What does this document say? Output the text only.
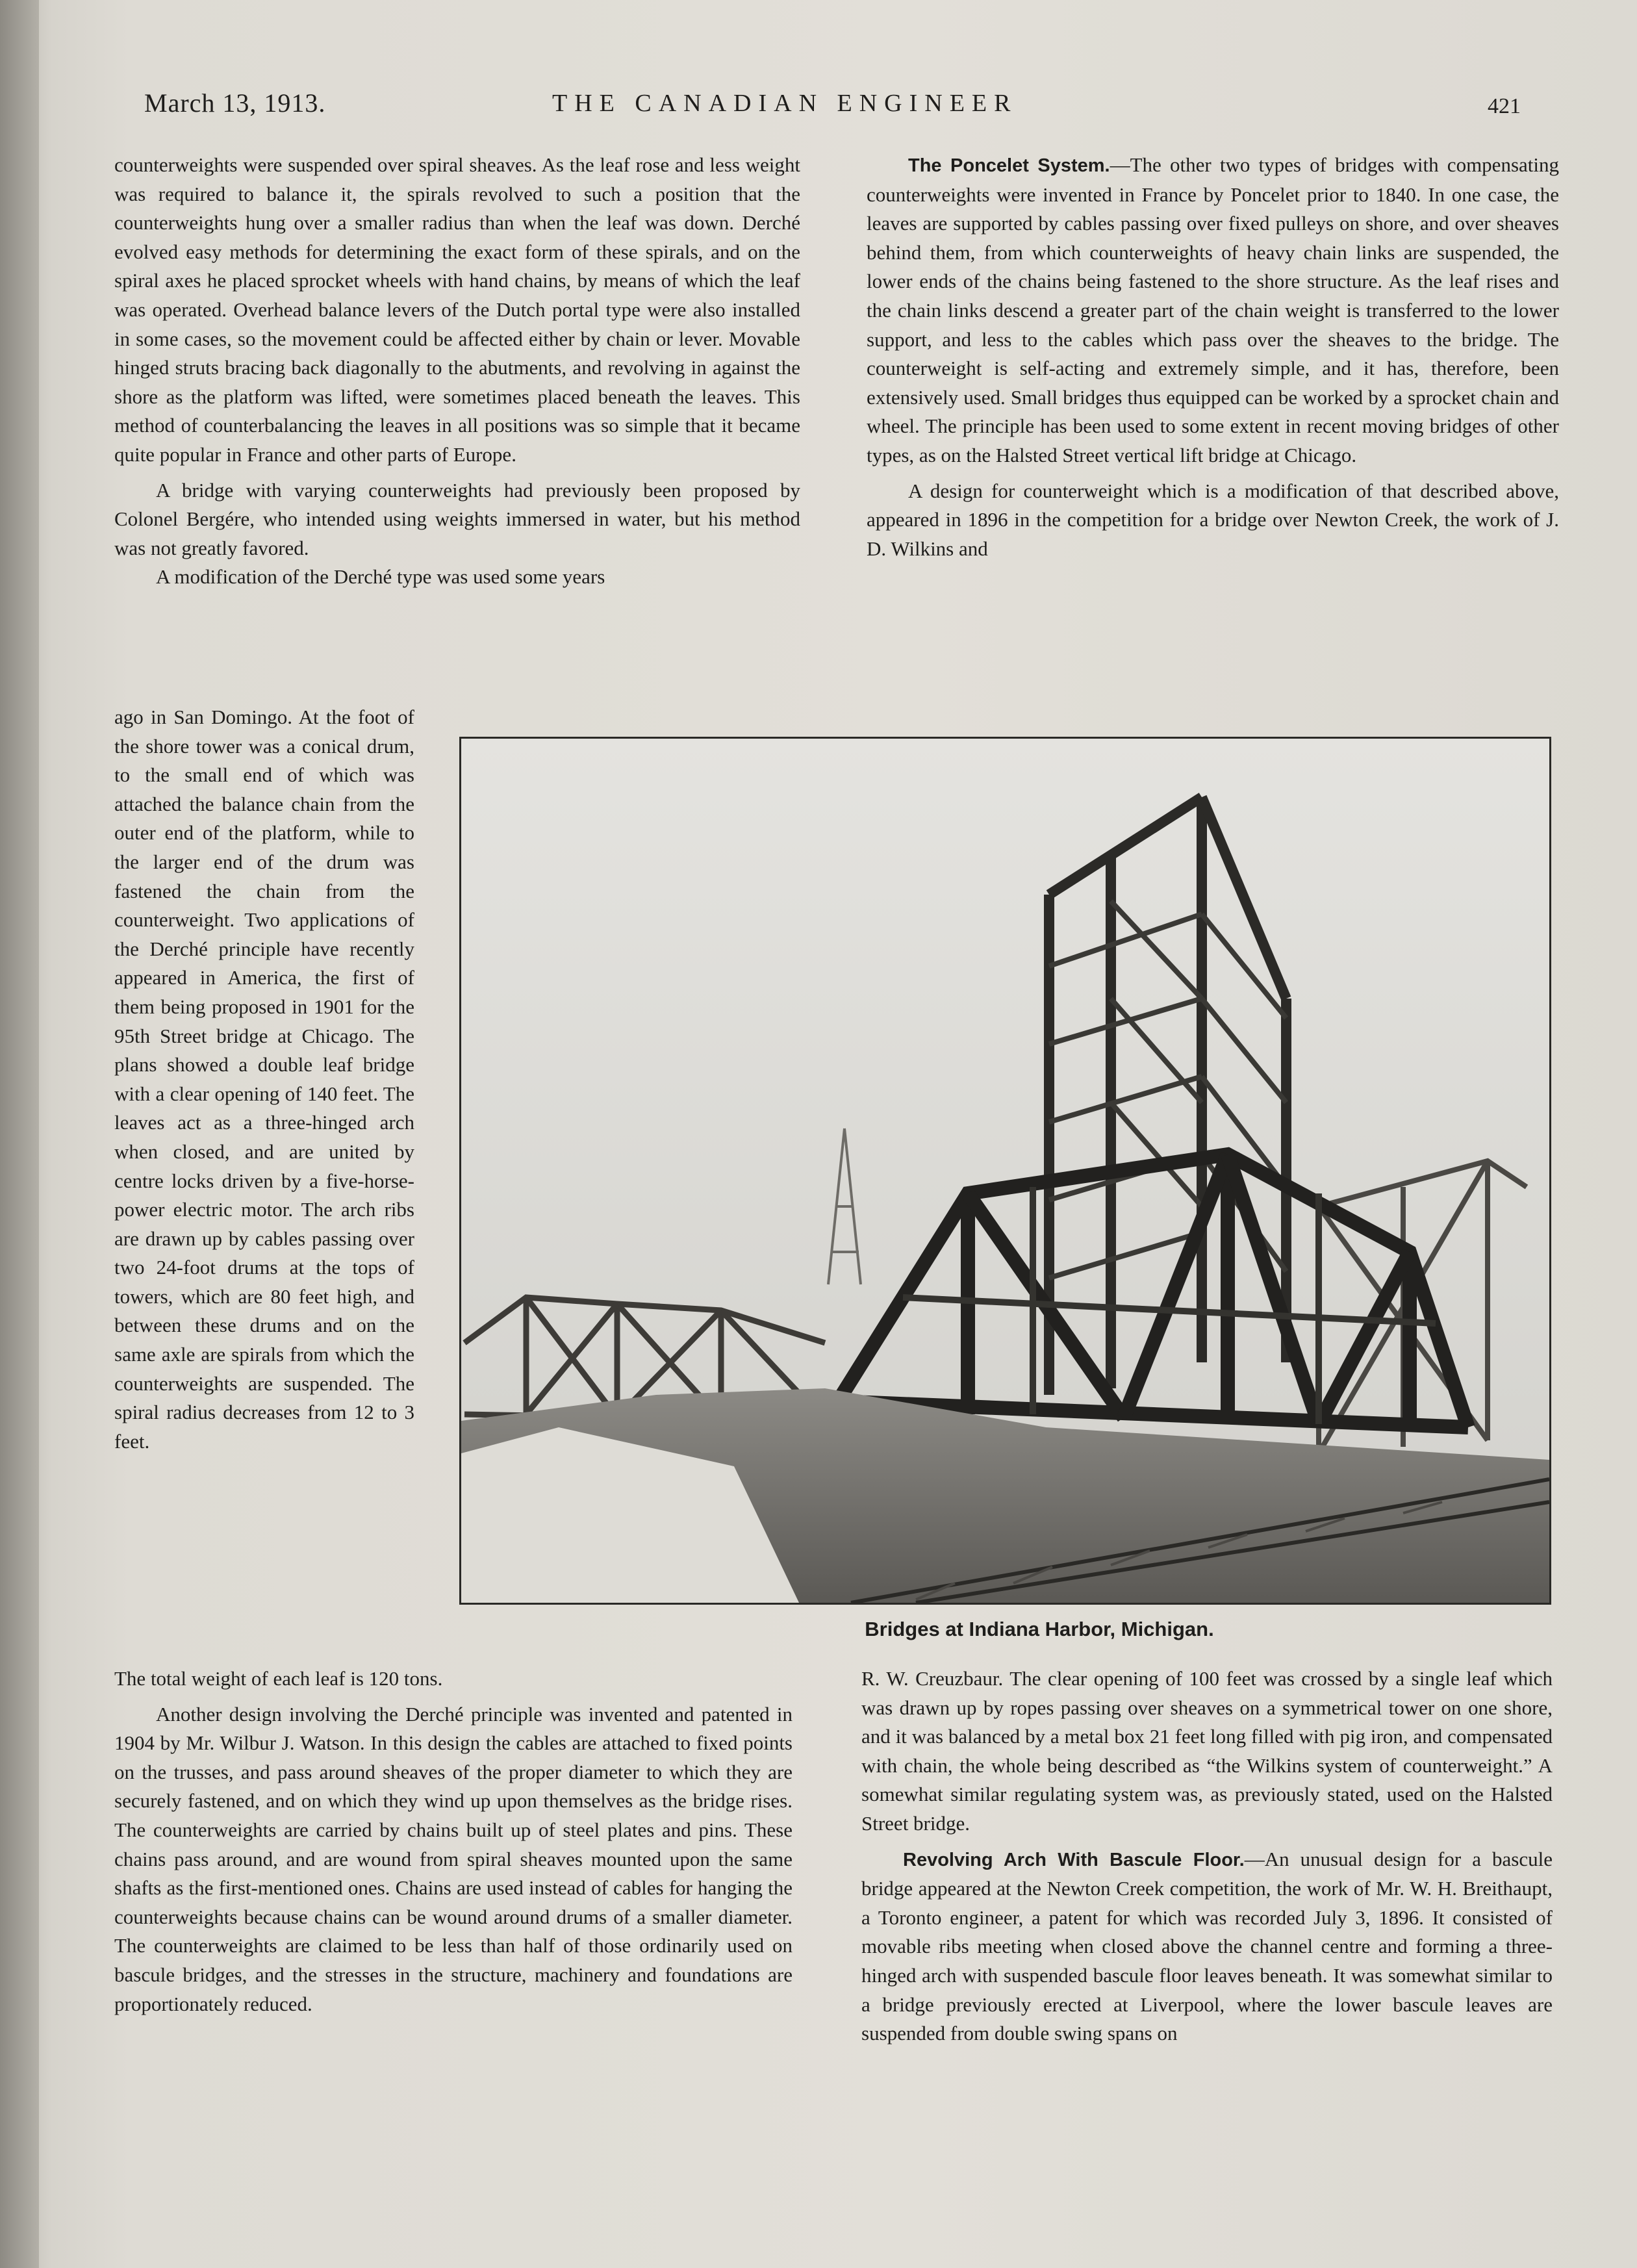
March 13, 1913.	THE CANADIAN ENGINEER	421

counterweights were suspended over spiral sheaves. As the leaf rose and less weight was required to balance it, the spirals revolved to such a position that the counterweights hung over a smaller radius than when the leaf was down. Derché evolved easy methods for determining the exact form of these spirals, and on the spiral axes he placed sprocket wheels with hand chains, by means of which the leaf was operated. Overhead balance levers of the Dutch portal type were also installed in some cases, so the movement could be affected either by chain or lever. Movable hinged struts bracing back diagonally to the abutments, and revolving in against the shore as the platform was lifted, were sometimes placed beneath the leaves. This method of counterbalancing the leaves in all positions was so simple that it became quite popular in France and other parts of Europe.

A bridge with varying counterweights had previously been proposed by Colonel Bergére, who intended using weights immersed in water, but his method was not greatly favored.

A modification of the Derché type was used some years

ago in San Domingo. At the foot of the shore tower was a conical drum, to the small end of which was attached the balance chain from the outer end of the platform, while to the larger end of the drum was fastened the chain from the counterweight. Two applications of the Derché principle have recently appeared in America, the first of them being proposed in 1901 for the 95th Street bridge at Chicago. The plans showed a double leaf bridge with a clear opening of 140 feet. The leaves act as a three-hinged arch when closed, and are united by centre locks driven by a five-horse-power electric motor. The arch ribs are drawn up by cables passing over two 24-foot drums at the tops of towers, which are 80 feet high, and between these drums and on the same axle are spirals from which the counterweights are suspended. The spiral radius decreases from 12 to 3 feet.

The total weight of each leaf is 120 tons.

Another design involving the Derché principle was invented and patented in 1904 by Mr. Wilbur J. Watson. In this design the cables are attached to fixed points on the trusses, and pass around sheaves of the proper diameter to which they are securely fastened, and on which they wind up upon themselves as the bridge rises. The counterweights are carried by chains built up of steel plates and pins. These chains pass around, and are wound from spiral sheaves mounted upon the same shafts as the first-mentioned ones. Chains are used instead of cables for hanging the counterweights because chains can be wound around drums of a smaller diameter. The counterweights are claimed to be less than half of those ordinarily used on bascule bridges, and the stresses in the structure, machinery and foundations are proportionately reduced.

The Poncelet System.—The other two types of bridges with compensating counterweights were invented in France by Poncelet prior to 1840. In one case, the leaves are supported by cables passing over fixed pulleys on shore, and over sheaves behind them, from which counterweights of heavy chain links are suspended, the lower ends of the chains being fastened to the shore structure. As the leaf rises and the chain links descend a greater part of the chain weight is transferred to the lower support, and less to the cables which pass over the sheaves to the bridge. The counterweight is self-acting and extremely simple, and it has, therefore, been extensively used. Small bridges thus equipped can be worked by a sprocket chain and wheel. The principle has been used to some extent in recent moving bridges of other types, as on the Halsted Street vertical lift bridge at Chicago.

A design for counterweight which is a modification of that described above, appeared in 1896 in the competition for a bridge over Newton Creek, the work of J. D. Wilkins and

Bridges at Indiana Harbor, Michigan.

R. W. Creuzbaur. The clear opening of 100 feet was crossed by a single leaf which was drawn up by ropes passing over sheaves on a symmetrical tower on one shore, and it was balanced by a metal box 21 feet long filled with pig iron, and compensated with chain, the whole being described as “the Wilkins system of counterweight.” A somewhat similar regulating system was, as previously stated, used on the Halsted Street bridge.

Revolving Arch With Bascule Floor.—An unusual design for a bascule bridge appeared at the Newton Creek competition, the work of Mr. W. H. Breithaupt, a Toronto engineer, a patent for which was recorded July 3, 1896. It consisted of movable ribs meeting when closed above the channel centre and forming a three-hinged arch with suspended bascule floor leaves beneath. It was somewhat similar to a bridge previously erected at Liverpool, where the lower bascule leaves are suspended from double swing spans on
